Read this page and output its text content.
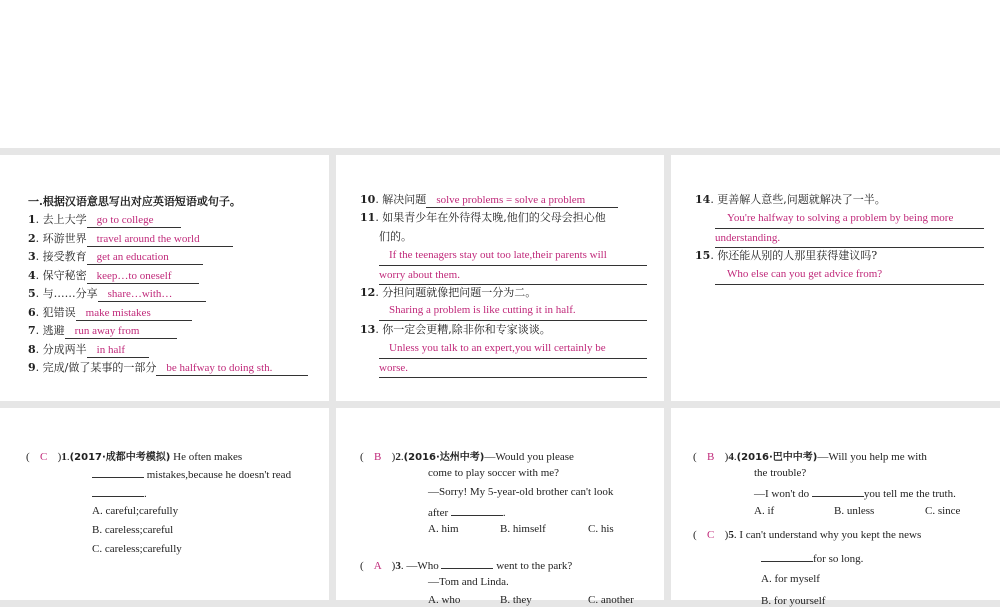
一.根据汉语意思写出对应英语短语或句子。
1. 去上大学 go to college
2. 环游世界 travel around the world
3. 接受教育 get an education
4. 保守秘密 keep…to oneself
5. 与……分享 share…with…
6. 犯错误 make mistakes
7. 逃避 run away from
8. 分成两半 in half
9. 完成/做了某事的一部分 be halfway to doing sth.
10. 解决问题 solve problems = solve a problem
11. 如果青少年在外待得太晚,他们的父母会担心他
们的。
If the teenagers stay out too late,their parents will
worry about them.
12. 分担问题就像把问题一分为二。
Sharing a problem is like cutting it in half.
13. 你一定会更糟,除非你和专家谈谈。
Unless you talk to an expert,you will certainly be
worse.
14. 更善解人意些,问题就解决了一半。
You're halfway to solving a problem by being more
understanding.
15. 你还能从别的人那里获得建议吗?
Who else can you get advice from?
( C )1.(2017·成都中考模拟) He often makes
mistakes,because he doesn't read
.
A. careful;carefully
B. careless;careful
C. careless;carefully
( B )2.(2016·达州中考)—Would you please
come to play soccer with me?
—Sorry! My 5-year-old brother can't look
after	.
A. him	B. himself	C. his
( A )3. —Who	went to the park?
—Tom and Linda.
A. who	B. they	C. another
( B )4.(2016·巴中中考)—Will you help me with
the trouble?
—I won't do	you tell me the truth.
A. if	B. unless	C. since
( C )5. I can't understand why you kept the news
for so long.
A. for myself
B. for yourself
